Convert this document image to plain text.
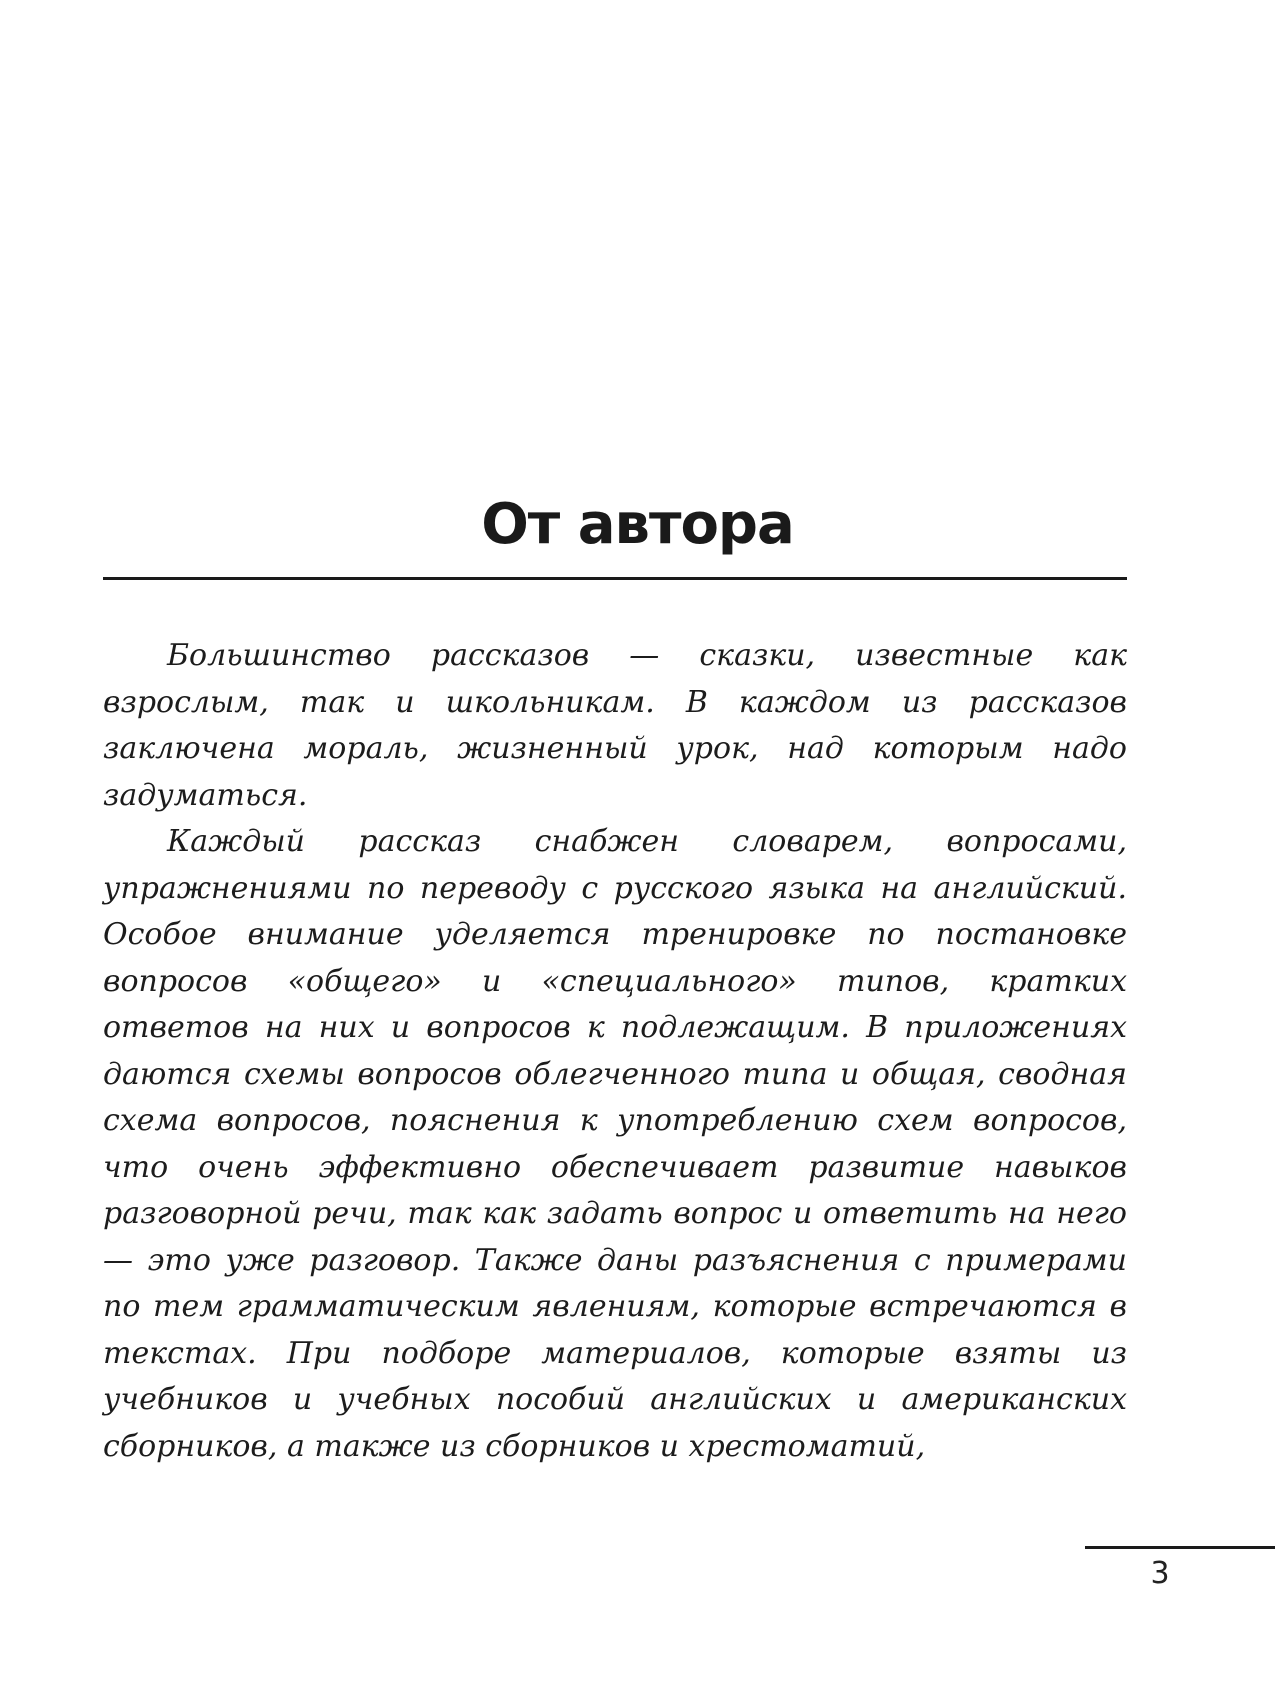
От автора

Большинство рассказов — сказки, известные как взрослым, так и школьникам. В каждом из рассказов заключена мораль, жизненный урок, над которым надо задуматься.

Каждый рассказ снабжен словарем, вопросами, упражнениями по переводу с русского языка на английский. Особое внимание уделяется тренировке по постановке вопросов «общего» и «специального» типов, кратких ответов на них и вопросов к подлежащим. В приложениях даются схемы вопросов облегченного типа и общая, сводная схема вопросов, пояснения к употреблению схем вопросов, что очень эффективно обеспечивает развитие навыков разговорной речи, так как задать вопрос и ответить на него — это уже разговор. Также даны разъяснения с примерами по тем грамматическим явлениям, которые встречаются в текстах. При подборе материалов, которые взяты из учебников и учебных пособий английских и американских сборников, а также из сборников и хрестоматий,

3
